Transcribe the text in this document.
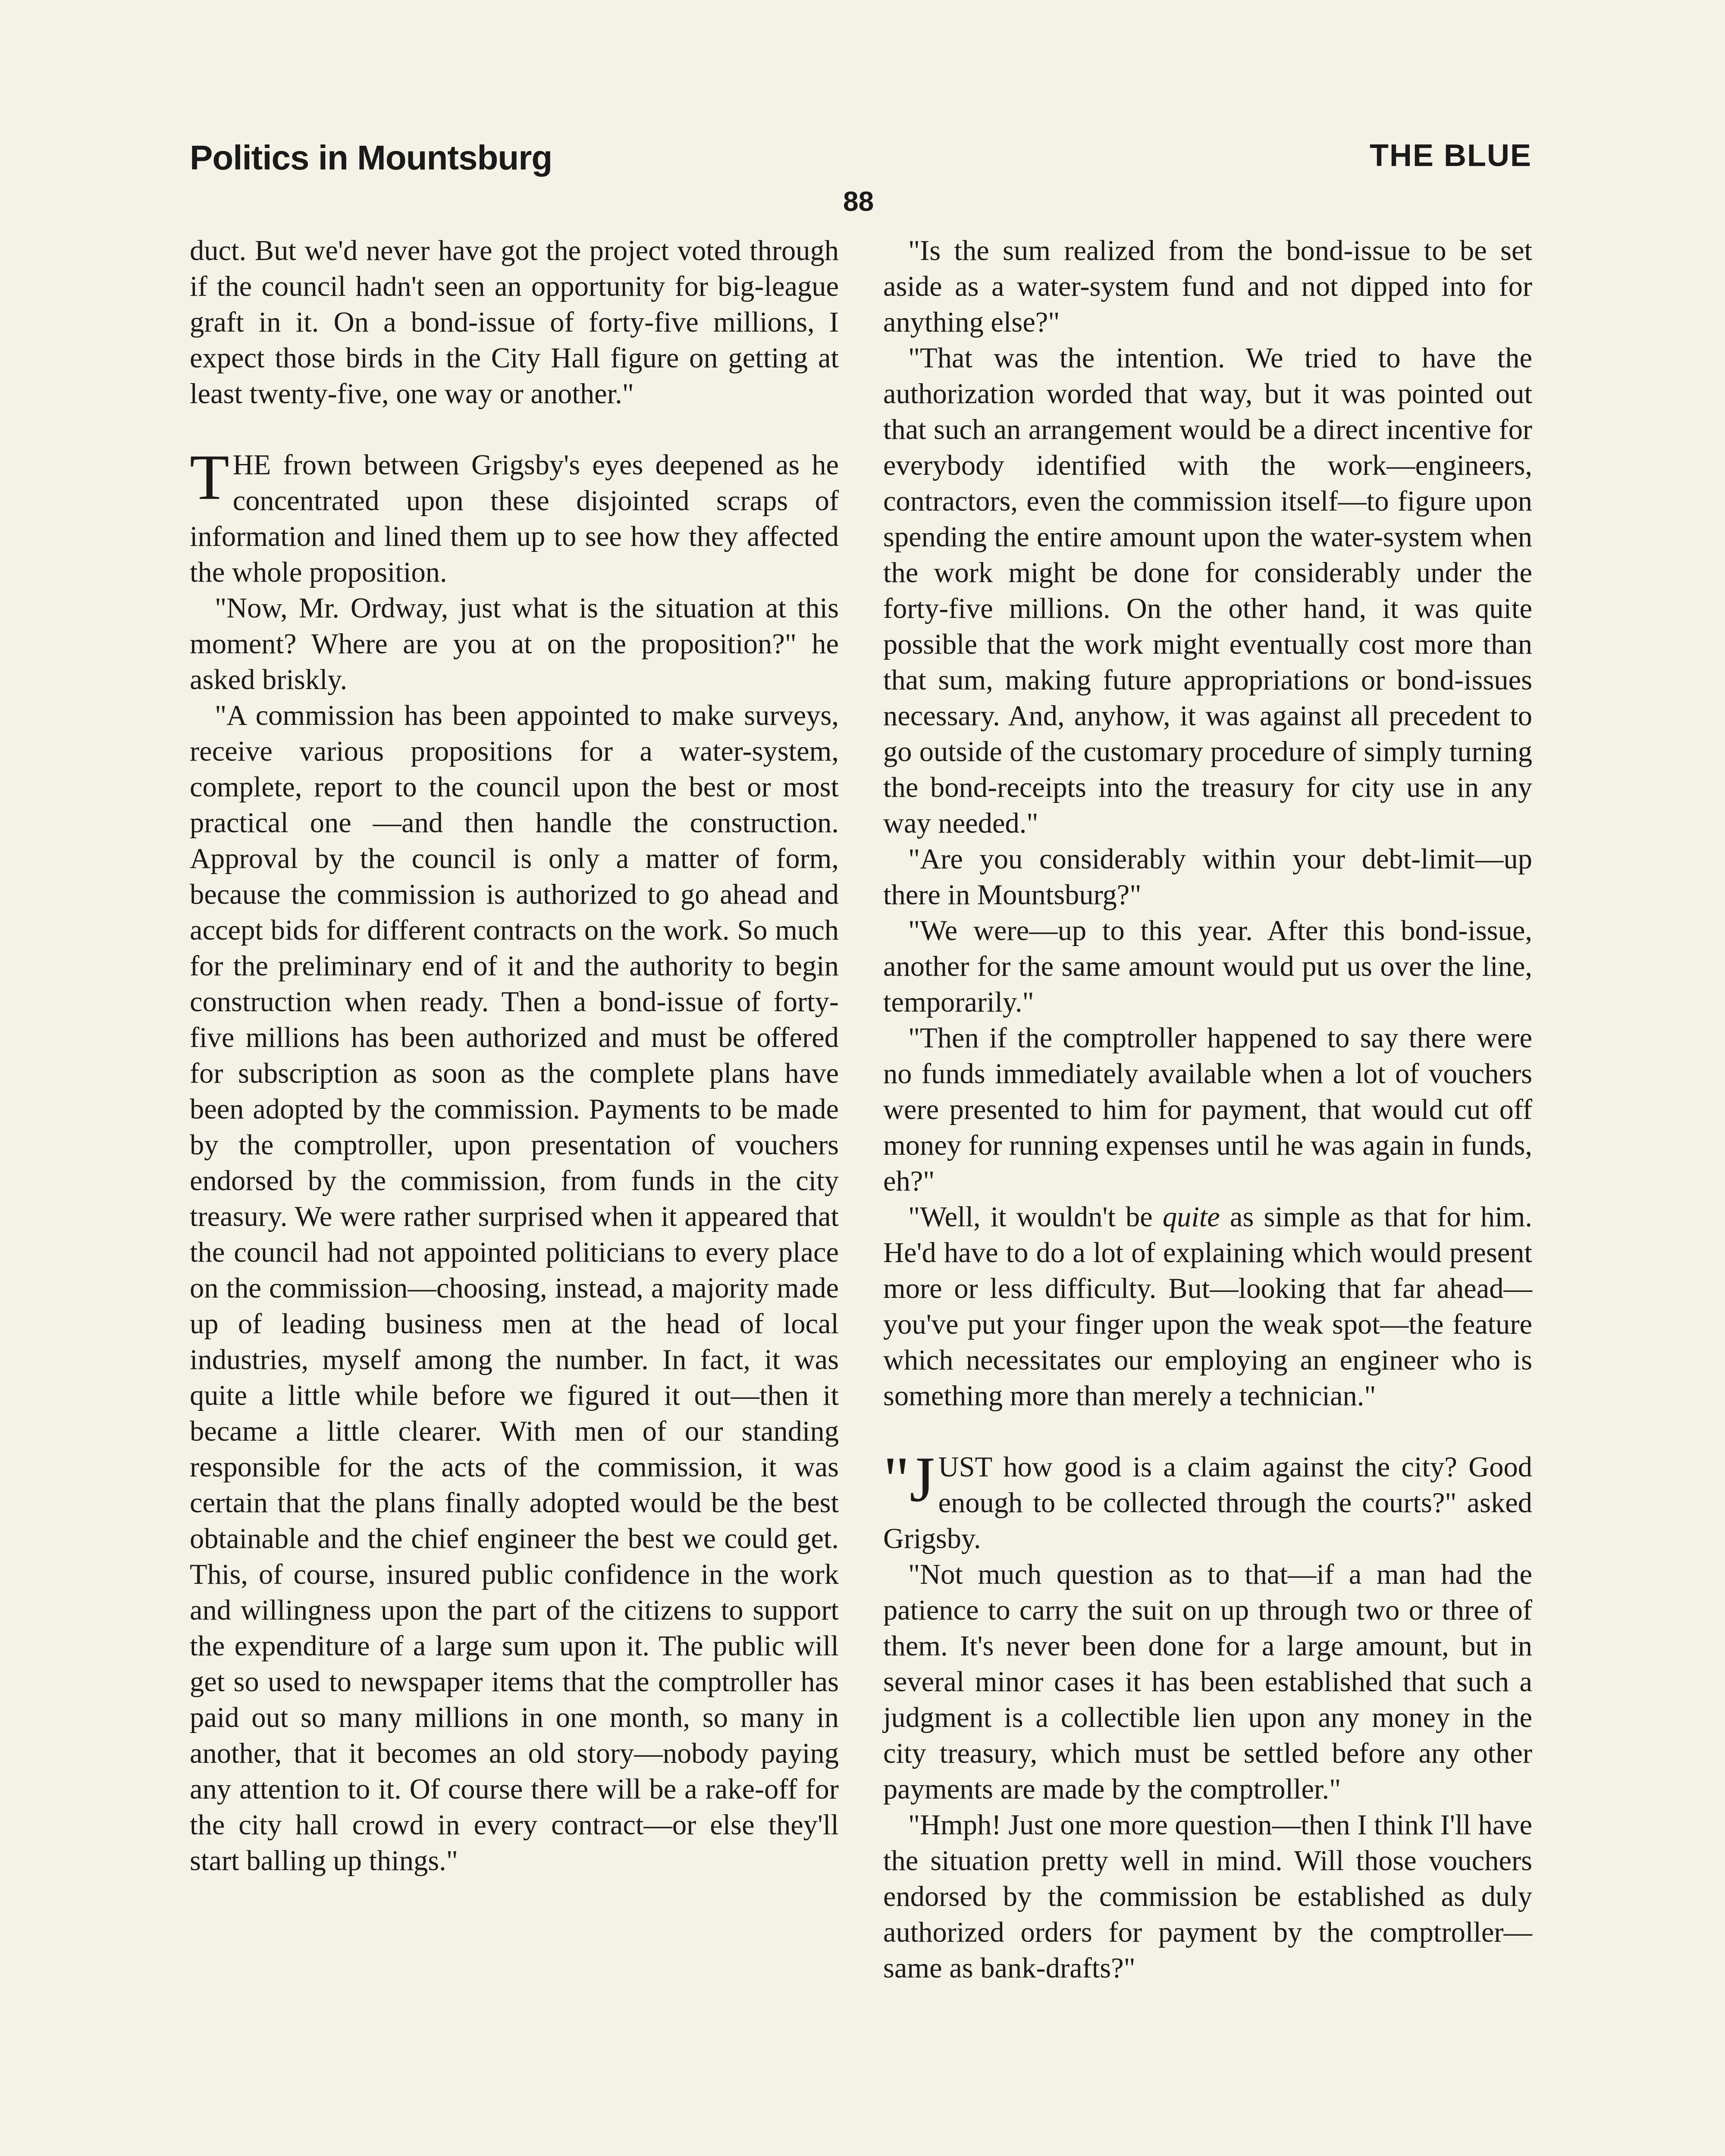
Politics in Mountsburg	THE BLUE
88

duct. But we'd never have got the project voted through if the council hadn't seen an opportunity for big-league graft in it. On a bond-issue of forty-five millions, I expect those birds in the City Hall figure on getting at least twenty-five, one way or another."

THE frown between Grigsby's eyes deepened as he concentrated upon these disjointed scraps of information and lined them up to see how they affected the whole proposition.

"Now, Mr. Ordway, just what is the situation at this moment? Where are you at on the proposition?" he asked briskly.

"A commission has been appointed to make surveys, receive various propositions for a water-system, complete, report to the council upon the best or most practical one —and then handle the construction. Approval by the council is only a matter of form, because the commission is authorized to go ahead and accept bids for different contracts on the work. So much for the preliminary end of it and the authority to begin construction when ready. Then a bond-issue of forty-five millions has been authorized and must be offered for subscription as soon as the complete plans have been adopted by the commission. Payments to be made by the comptroller, upon presentation of vouchers endorsed by the commission, from funds in the city treasury. We were rather surprised when it appeared that the council had not appointed politicians to every place on the commission—choosing, instead, a majority made up of leading business men at the head of local industries, myself among the number. In fact, it was quite a little while before we figured it out—then it became a little clearer. With men of our standing responsible for the acts of the commission, it was certain that the plans finally adopted would be the best obtainable and the chief engineer the best we could get. This, of course, insured public confidence in the work and willingness upon the part of the citizens to support the expenditure of a large sum upon it. The public will get so used to newspaper items that the comptroller has paid out so many millions in one month, so many in another, that it becomes an old story—nobody paying any attention to it. Of course there will be a rake-off for the city hall crowd in every contract—or else they'll start balling up things."

"Is the sum realized from the bond-issue to be set aside as a water-system fund and not dipped into for anything else?"

"That was the intention. We tried to have the authorization worded that way, but it was pointed out that such an arrangement would be a direct incentive for everybody identified with the work—engineers, contractors, even the commission itself—to figure upon spending the entire amount upon the water-system when the work might be done for considerably under the forty-five millions. On the other hand, it was quite possible that the work might eventually cost more than that sum, making future appropriations or bond-issues necessary. And, anyhow, it was against all precedent to go outside of the customary procedure of simply turning the bond-receipts into the treasury for city use in any way needed."

"Are you considerably within your debt-limit—up there in Mountsburg?"

"We were—up to this year. After this bond-issue, another for the same amount would put us over the line, temporarily."

"Then if the comptroller happened to say there were no funds immediately available when a lot of vouchers were presented to him for payment, that would cut off money for running expenses until he was again in funds, eh?"

"Well, it wouldn't be quite as simple as that for him. He'd have to do a lot of explaining which would present more or less difficulty. But—looking that far ahead—you've put your finger upon the weak spot—the feature which necessitates our employing an engineer who is something more than merely a technician."

"J UST how good is a claim against the city? Good enough to be collected through the courts?" asked Grigsby.

"Not much question as to that—if a man had the patience to carry the suit on up through two or three of them. It's never been done for a large amount, but in several minor cases it has been established that such a judgment is a collectible lien upon any money in the city treasury, which must be settled before any other payments are made by the comptroller."

"Hmph! Just one more question—then I think I'll have the situation pretty well in mind. Will those vouchers endorsed by the commission be established as duly authorized orders for payment by the comptroller—same as bank-drafts?"
